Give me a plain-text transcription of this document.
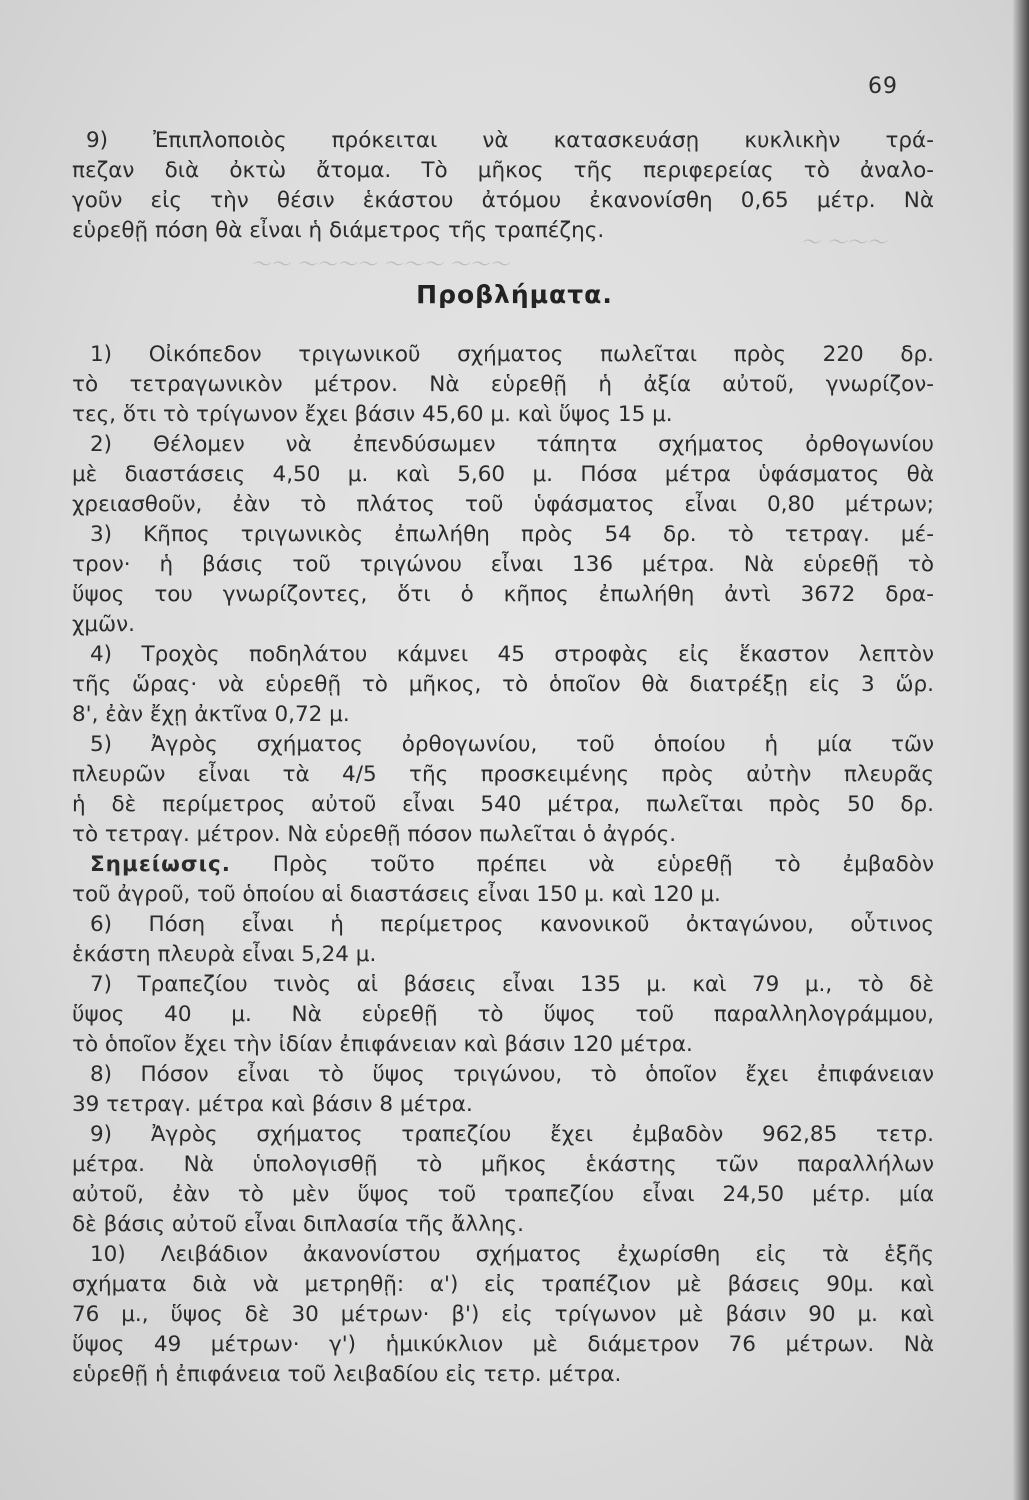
69
9) Ἐπιπλοποιὸς πρόκειται νὰ κατασκευάσῃ κυκλικὴν τρά-
πεζαν διὰ ὀκτὼ ἄτομα. Τὸ μῆκος τῆς περιφερείας τὸ ἀναλο-
γοῦν εἰς τὴν θέσιν ἑκάστου ἀτόμου ἐκανονίσθη 0,65 μέτρ. Νὰ
εὑρεθῇ πόση θὰ εἶναι ἡ διάμετρος τῆς τραπέζης.	〜 〜〜〜
〜〜 〜〜〜〜 〜〜〜 〜〜〜
Προβλήματα.
1) Οἰκόπεδον τριγωνικοῦ σχήματος πωλεῖται πρὸς 220 δρ.
τὸ τετραγωνικὸν μέτρον. Νὰ εὑρεθῇ ἡ ἀξία αὐτοῦ, γνωρίζον-
τες, ὅτι τὸ τρίγωνον ἔχει βάσιν 45,60 μ. καὶ ὕψος 15 μ.
2) Θέλομεν νὰ ἐπενδύσωμεν τάπητα σχήματος ὀρθογωνίου
μὲ διαστάσεις 4,50 μ. καὶ 5,60 μ. Πόσα μέτρα ὑφάσματος θὰ
χρειασθοῦν, ἐὰν τὸ πλάτος τοῦ ὑφάσματος εἶναι 0,80 μέτρων;
3) Κῆπος τριγωνικὸς ἐπωλήθη πρὸς 54 δρ. τὸ τετραγ. μέ-
τρον· ἡ βάσις τοῦ τριγώνου εἶναι 136 μέτρα. Νὰ εὑρεθῇ τὸ
ὕψος του γνωρίζοντες, ὅτι ὁ κῆπος ἐπωλήθη ἀντὶ 3672 δρα-
χμῶν.
4) Τροχὸς ποδηλάτου κάμνει 45 στροφὰς εἰς ἕκαστον λεπτὸν
τῆς ὥρας· νὰ εὑρεθῇ τὸ μῆκος, τὸ ὁποῖον θὰ διατρέξῃ εἰς 3 ὥρ.
8', ἐὰν ἔχῃ ἀκτῖνα 0,72 μ.
5) Ἀγρὸς σχήματος ὀρθογωνίου, τοῦ ὁποίου ἡ μία τῶν
πλευρῶν εἶναι τὰ 4/5 τῆς προσκειμένης πρὸς αὐτὴν πλευρᾶς
ἡ δὲ περίμετρος αὐτοῦ εἶναι 540 μέτρα, πωλεῖται πρὸς 50 δρ.
τὸ τετραγ. μέτρον. Νὰ εὑρεθῇ πόσον πωλεῖται ὁ ἀγρός.
Σημείωσις. Πρὸς τοῦτο πρέπει νὰ εὑρεθῇ τὸ ἐμβαδὸν
τοῦ ἀγροῦ, τοῦ ὁποίου αἱ διαστάσεις εἶναι 150 μ. καὶ 120 μ.
6) Πόση εἶναι ἡ περίμετρος κανονικοῦ ὀκταγώνου, οὗτινος
ἑκάστη πλευρὰ εἶναι 5,24 μ.
7) Τραπεζίου τινὸς αἱ βάσεις εἶναι 135 μ. καὶ 79 μ., τὸ δὲ
ὕψος 40 μ. Νὰ εὑρεθῇ τὸ ὕψος τοῦ παραλληλογράμμου,
τὸ ὁποῖον ἔχει τὴν ἰδίαν ἐπιφάνειαν καὶ βάσιν 120 μέτρα.
8) Πόσον εἶναι τὸ ὕψος τριγώνου, τὸ ὁποῖον ἔχει ἐπιφάνειαν
39 τετραγ. μέτρα καὶ βάσιν 8 μέτρα.
9) Ἀγρὸς σχήματος τραπεζίου ἔχει ἐμβαδὸν 962,85 τετρ.
μέτρα. Νὰ ὑπολογισθῇ τὸ μῆκος ἑκάστης τῶν παραλλήλων
αὐτοῦ, ἐὰν τὸ μὲν ὕψος τοῦ τραπεζίου εἶναι 24,50 μέτρ. μία
δὲ βάσις αὐτοῦ εἶναι διπλασία τῆς ἄλλης.
10) Λειβάδιον ἀκανονίστου σχήματος ἐχωρίσθη εἰς τὰ ἑξῆς
σχήματα διὰ νὰ μετρηθῇ: α') εἰς τραπέζιον μὲ βάσεις 90μ. καὶ
76 μ., ὕψος δὲ 30 μέτρων· β') εἰς τρίγωνον μὲ βάσιν 90 μ. καὶ
ὕψος 49 μέτρων· γ') ἡμικύκλιον μὲ διάμετρον 76 μέτρων. Νὰ
εὑρεθῇ ἡ ἐπιφάνεια τοῦ λειβαδίου εἰς τετρ. μέτρα.
